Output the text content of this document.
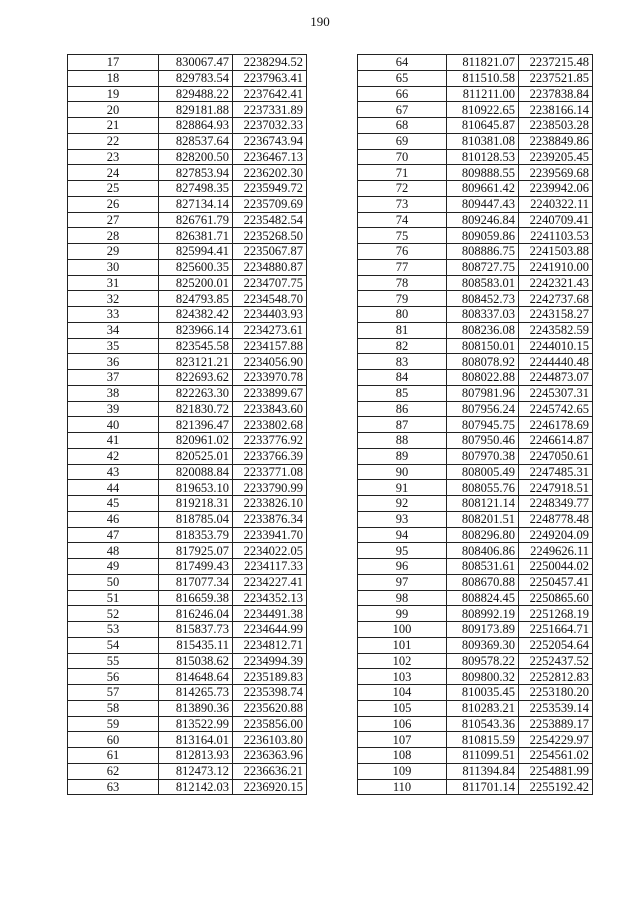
190
17	830067.47	2238294.52
18	829783.54	2237963.41
19	829488.22	2237642.41
20	829181.88	2237331.89
21	828864.93	2237032.33
22	828537.64	2236743.94
23	828200.50	2236467.13
24	827853.94	2236202.30
25	827498.35	2235949.72
26	827134.14	2235709.69
27	826761.79	2235482.54
28	826381.71	2235268.50
29	825994.41	2235067.87
30	825600.35	2234880.87
31	825200.01	2234707.75
32	824793.85	2234548.70
33	824382.42	2234403.93
34	823966.14	2234273.61
35	823545.58	2234157.88
36	823121.21	2234056.90
37	822693.62	2233970.78
38	822263.30	2233899.67
39	821830.72	2233843.60
40	821396.47	2233802.68
41	820961.02	2233776.92
42	820525.01	2233766.39
43	820088.84	2233771.08
44	819653.10	2233790.99
45	819218.31	2233826.10
46	818785.04	2233876.34
47	818353.79	2233941.70
48	817925.07	2234022.05
49	817499.43	2234117.33
50	817077.34	2234227.41
51	816659.38	2234352.13
52	816246.04	2234491.38
53	815837.73	2234644.99
54	815435.11	2234812.71
55	815038.62	2234994.39
56	814648.64	2235189.83
57	814265.73	2235398.74
58	813890.36	2235620.88
59	813522.99	2235856.00
60	813164.01	2236103.80
61	812813.93	2236363.96
62	812473.12	2236636.21
63	812142.03	2236920.15
64	811821.07	2237215.48
65	811510.58	2237521.85
66	811211.00	2237838.84
67	810922.65	2238166.14
68	810645.87	2238503.28
69	810381.08	2238849.86
70	810128.53	2239205.45
71	809888.55	2239569.68
72	809661.42	2239942.06
73	809447.43	2240322.11
74	809246.84	2240709.41
75	809059.86	2241103.53
76	808886.75	2241503.88
77	808727.75	2241910.00
78	808583.01	2242321.43
79	808452.73	2242737.68
80	808337.03	2243158.27
81	808236.08	2243582.59
82	808150.01	2244010.15
83	808078.92	2244440.48
84	808022.88	2244873.07
85	807981.96	2245307.31
86	807956.24	2245742.65
87	807945.75	2246178.69
88	807950.46	2246614.87
89	807970.38	2247050.61
90	808005.49	2247485.31
91	808055.76	2247918.51
92	808121.14	2248349.77
93	808201.51	2248778.48
94	808296.80	2249204.09
95	808406.86	2249626.11
96	808531.61	2250044.02
97	808670.88	2250457.41
98	808824.45	2250865.60
99	808992.19	2251268.19
100	809173.89	2251664.71
101	809369.30	2252054.64
102	809578.22	2252437.52
103	809800.32	2252812.83
104	810035.45	2253180.20
105	810283.21	2253539.14
106	810543.36	2253889.17
107	810815.59	2254229.97
108	811099.51	2254561.02
109	811394.84	2254881.99
110	811701.14	2255192.42
